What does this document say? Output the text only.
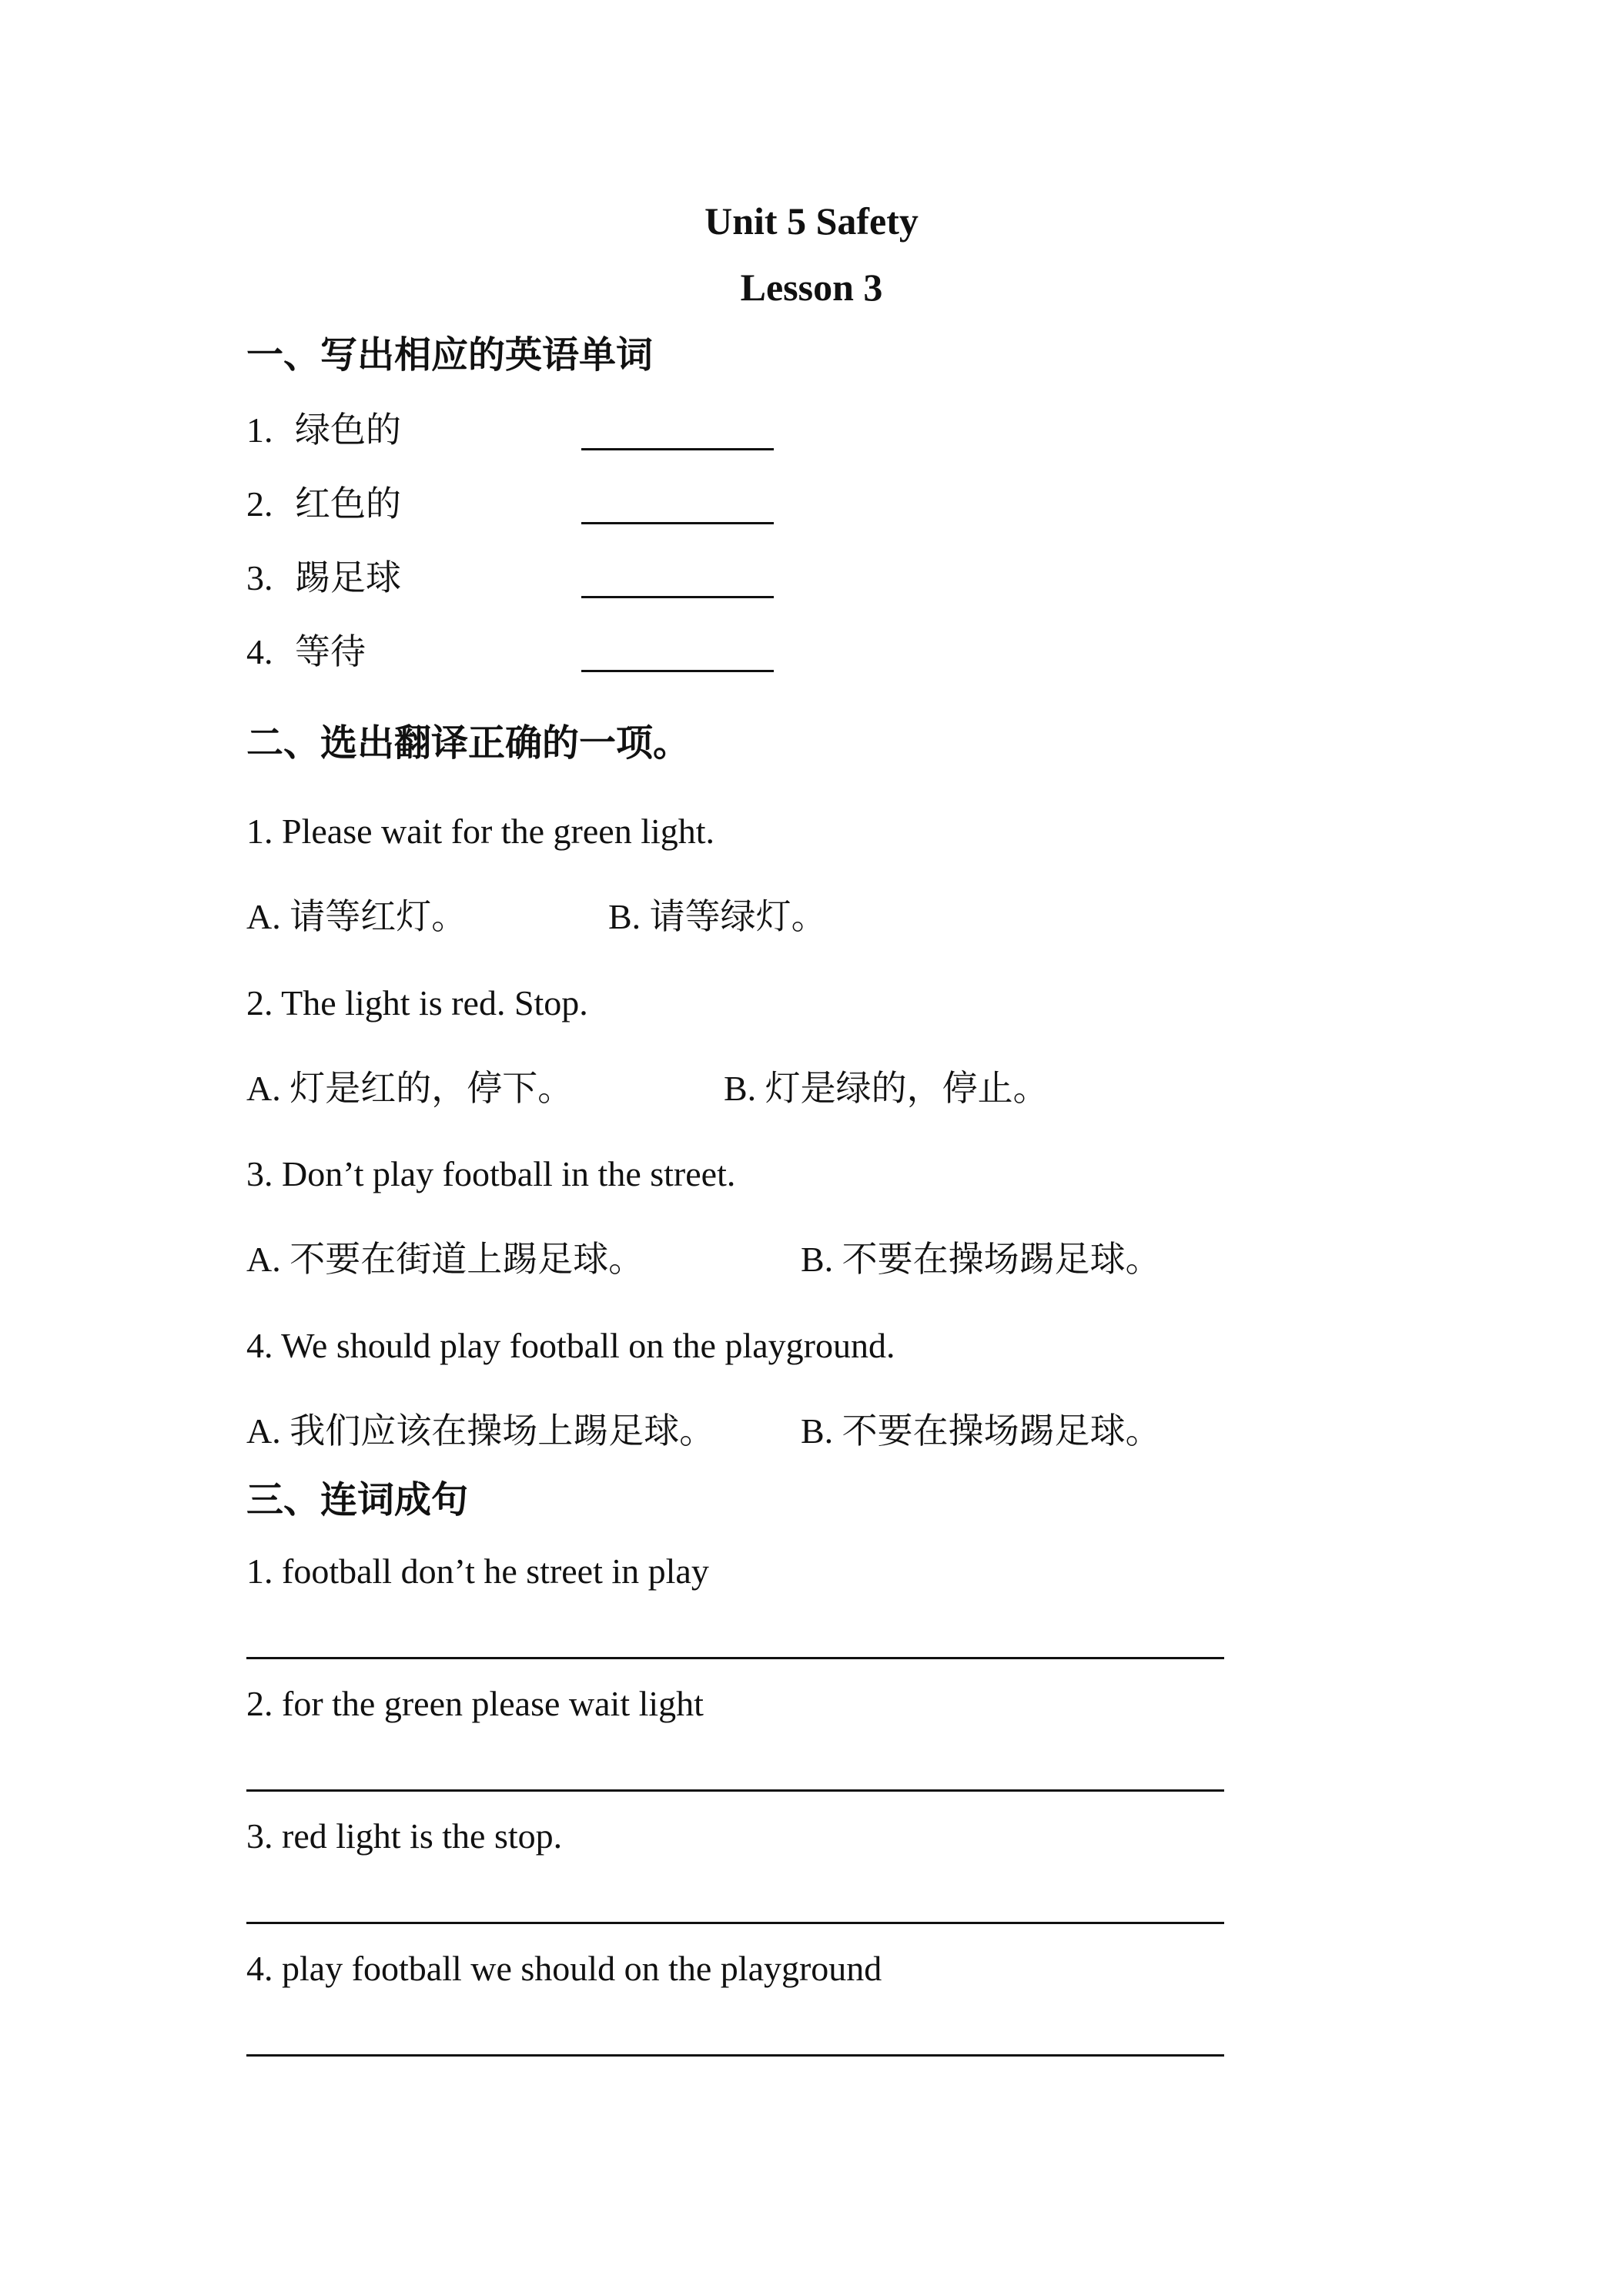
Unit 5 Safety
Lesson 3
一、写出相应的英语单词
1. 绿色的
2. 红色的
3. 踢足球
4. 等待
二、选出翻译正确的一项。
1. Please wait for the green light.
A. 请等红灯。	B. 请等绿灯。
2. The light is red. Stop.
A. 灯是红的，停下。	B. 灯是绿的，停止。
3. Don’t play football in the street.
A. 不要在街道上踢足球。	B. 不要在操场踢足球。
4. We should play football on the playground.
A. 我们应该在操场上踢足球。 B. 不要在操场踢足球。
三、连词成句
1. football don’t he street in play
2. for the green please wait light
3. red light is the stop.
4. play football we should on the playground
